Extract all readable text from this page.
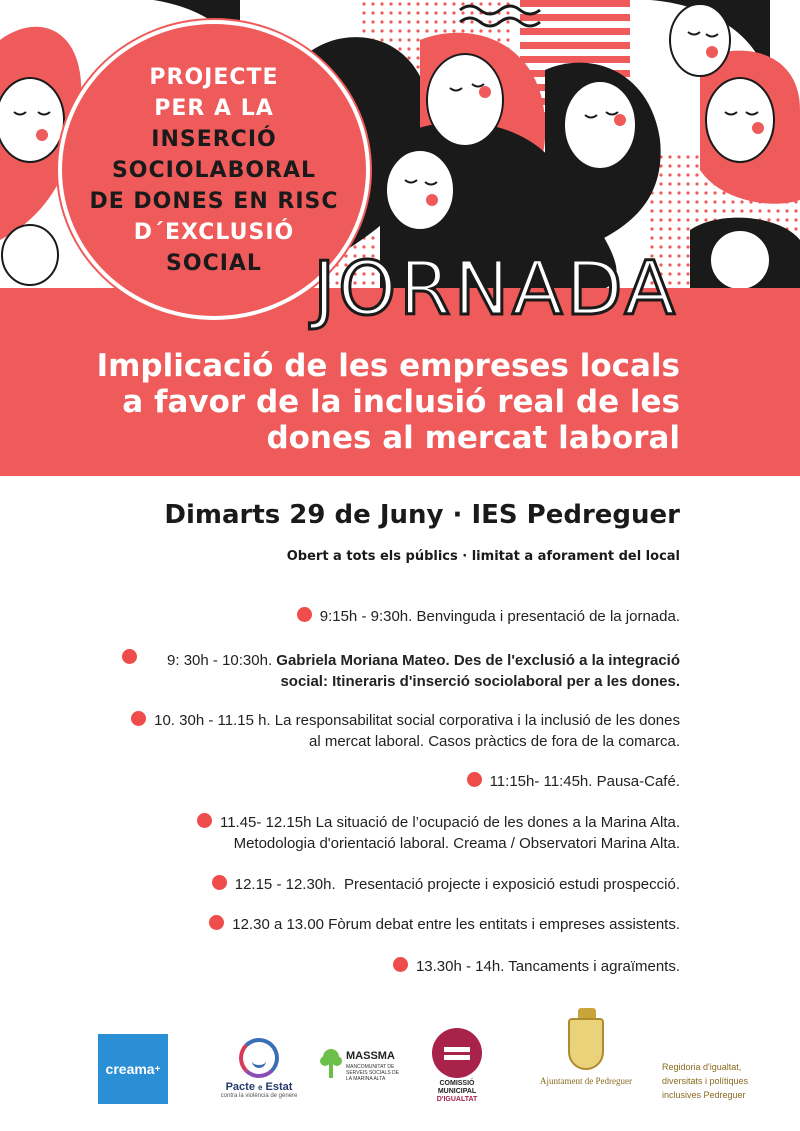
PROJECTE
PER A LA
INSERCIÓ
SOCIOLABORAL
DE DONES EN RISC
D´EXCLUSIÓ
SOCIAL JORNADA
Implicació de les empreses locals
a favor de la inclusió real de les
dones al mercat laboral
Dimarts 29 de Juny · IES Pedreguer
Obert a tots els públics · limitat a aforament del local
9:15h - 9:30h. Benvinguda i presentació de la jornada.
9: 30h - 10:30h. Gabriela Moriana Mateo. Des de l'exclusió a la integració
social: Itineraris d'inserció sociolaboral per a les dones.
10. 30h - 11.15 h. La responsabilitat social corporativa i la inclusió de les dones
al mercat laboral. Casos pràctics de fora de la comarca.
11:15h- 11:45h. Pausa-Café.
11.45- 12.15h La situació de l’ocupació de les dones a la Marina Alta.
Metodologia d'orientació laboral. Creama / Observatori Marina Alta.
12.15 - 12.30h.  Presentació projecte i exposició estudi prospecció.
12.30 a 13.00 Fòrum debat entre les entitats i empreses assistents.
13.30h - 14h. Tancaments i agraïments.
creama +
Pacte e Estat
contra la violència de gènere
MASSMA
MANCOMUNITAT DE SERVEIS SOCIALS DE LA MARINA ALTA
COMISSIÓ
MUNICIPAL
D'IGUALTAT
Ajuntament de Pedreguer
Regidoria d'igualtat,
diversitats i polítiques
inclusives Pedreguer
